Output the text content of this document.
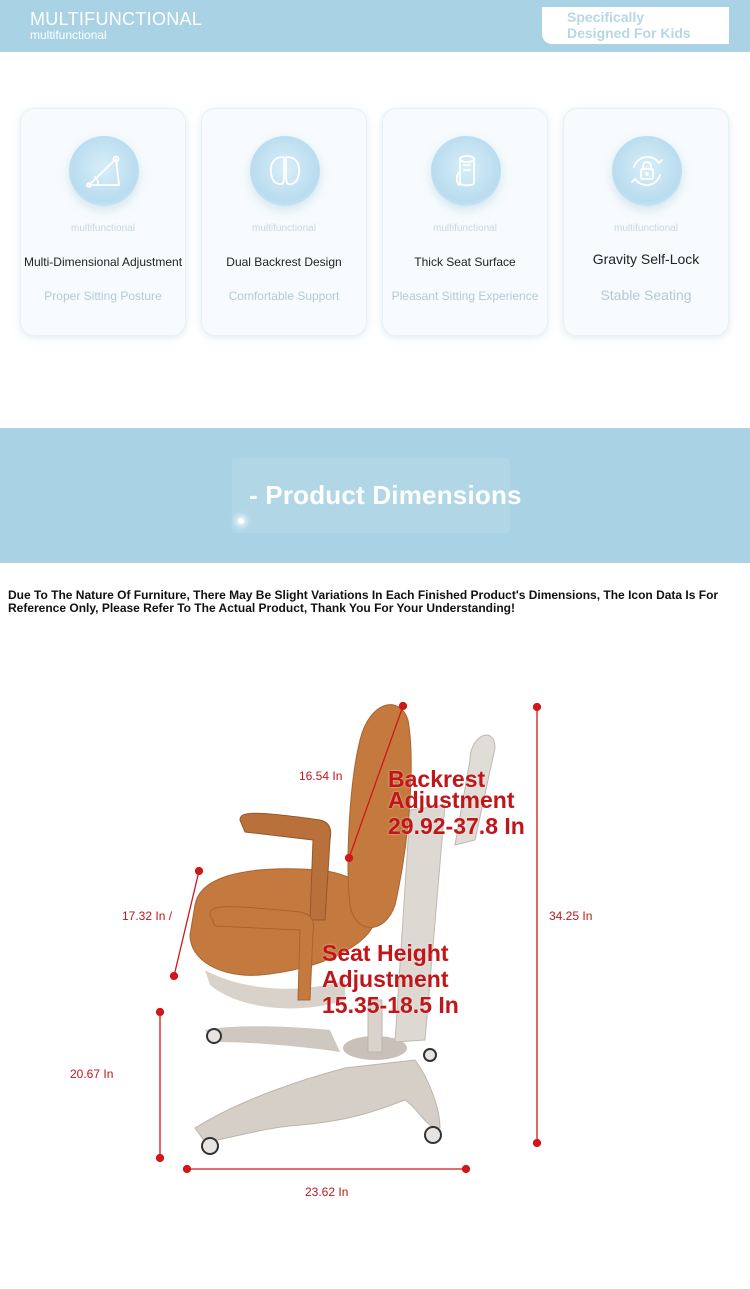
MULTIFUNCTIONAL
multifunctional
Specifically
Designed For Kids
multifunctional
Multi-Dimensional Adjustment
Proper Sitting Posture
multifunctional
Dual Backrest Design
Comfortable Support
multifunctional
Thick Seat Surface
Pleasant Sitting Experience
multifunctional
Gravity Self-Lock
Stable Seating
- Product Dimensions
Due To The Nature Of Furniture, There May Be Slight Variations In Each Finished Product's Dimensions, The Icon Data Is For Reference Only, Please Refer To The Actual Product, Thank You For Your Understanding!
16.54 In
17.32 In /	34.25 In
20.67 In
23.62 In
Backrest
Adjustment
29.92-37.8 In
Seat Height
Adjustment
15.35-18.5 In
